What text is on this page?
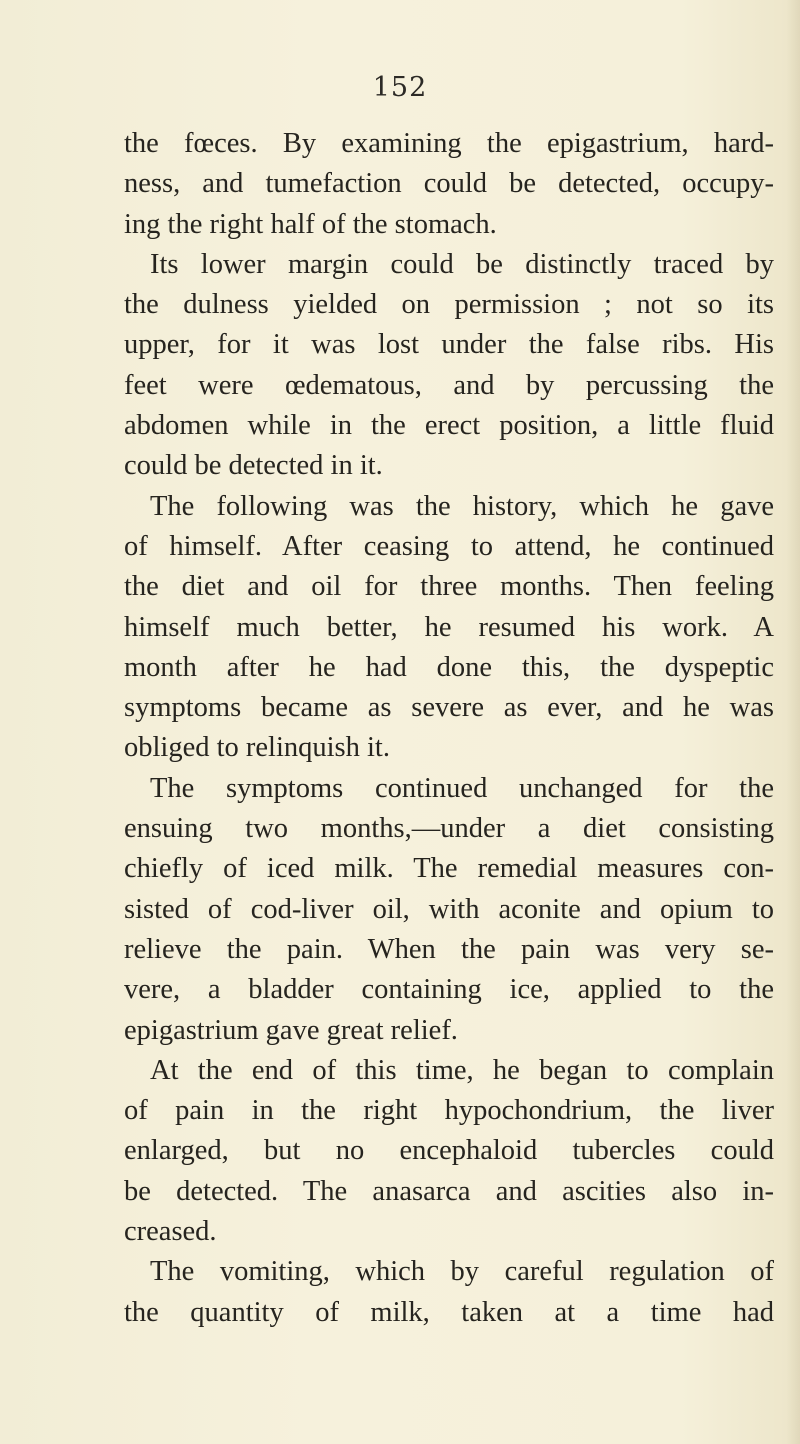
152
the fœces. By examining the epigastrium, hard-
ness, and tumefaction could be detected, occupy-
ing the right half of the stomach.
Its lower margin could be distinctly traced by
the dulness yielded on permission ; not so its
upper, for it was lost under the false ribs. His
feet were œdematous, and by percussing the
abdomen while in the erect position, a little fluid
could be detected in it.
The following was the history, which he gave
of himself. After ceasing to attend, he continued
the diet and oil for three months. Then feeling
himself much better, he resumed his work. A
month after he had done this, the dyspeptic
symptoms became as severe as ever, and he was
obliged to relinquish it.
The symptoms continued unchanged for the
ensuing two months,—under a diet consisting
chiefly of iced milk. The remedial measures con-
sisted of cod-liver oil, with aconite and opium to
relieve the pain. When the pain was very se-
vere, a bladder containing ice, applied to the
epigastrium gave great relief.
At the end of this time, he began to complain
of pain in the right hypochondrium, the liver
enlarged, but no encephaloid tubercles could
be detected. The anasarca and ascities also in-
creased.
The vomiting, which by careful regulation of
the quantity of milk, taken at a time had
